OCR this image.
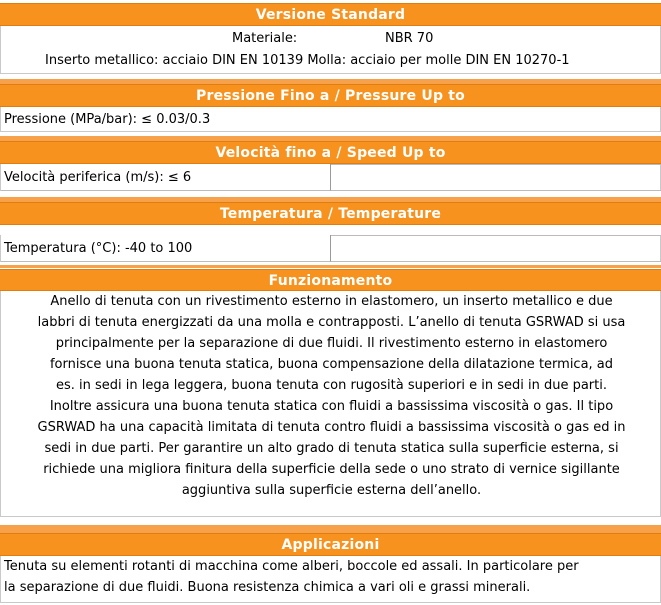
Versione Standard
Materiale:	NBR 70
Inserto metallico: acciaio DIN EN 10139 Molla: acciaio per molle DIN EN 10270-1
Pressione Fino a / Pressure Up to
Pressione (MPa/bar): ≤ 0.03/0.3
Velocità fino a / Speed Up to
Velocità periferica (m/s): ≤ 6
Temperatura / Temperature
Temperatura (°C): -40 to 100
Funzionamento
Anello di tenuta con un rivestimento esterno in elastomero, un inserto metallico e due
labbri di tenuta energizzati da una molla e contrapposti. L’anello di tenuta GSRWAD si usa
principalmente per la separazione di due fluidi. Il rivestimento esterno in elastomero
fornisce una buona tenuta statica, buona compensazione della dilatazione termica, ad
es. in sedi in lega leggera, buona tenuta con rugosità superiori e in sedi in due parti.
Inoltre assicura una buona tenuta statica con fluidi a bassissima viscosità o gas. Il tipo
GSRWAD ha una capacità limitata di tenuta contro fluidi a bassissima viscosità o gas ed in
sedi in due parti. Per garantire un alto grado di tenuta statica sulla superficie esterna, si
richiede una migliora finitura della superficie della sede o uno strato di vernice sigillante
aggiuntiva sulla superficie esterna dell’anello.
Applicazioni
Tenuta su elementi rotanti di macchina come alberi, boccole ed assali. In particolare per
la separazione di due fluidi. Buona resistenza chimica a vari oli e grassi minerali.
